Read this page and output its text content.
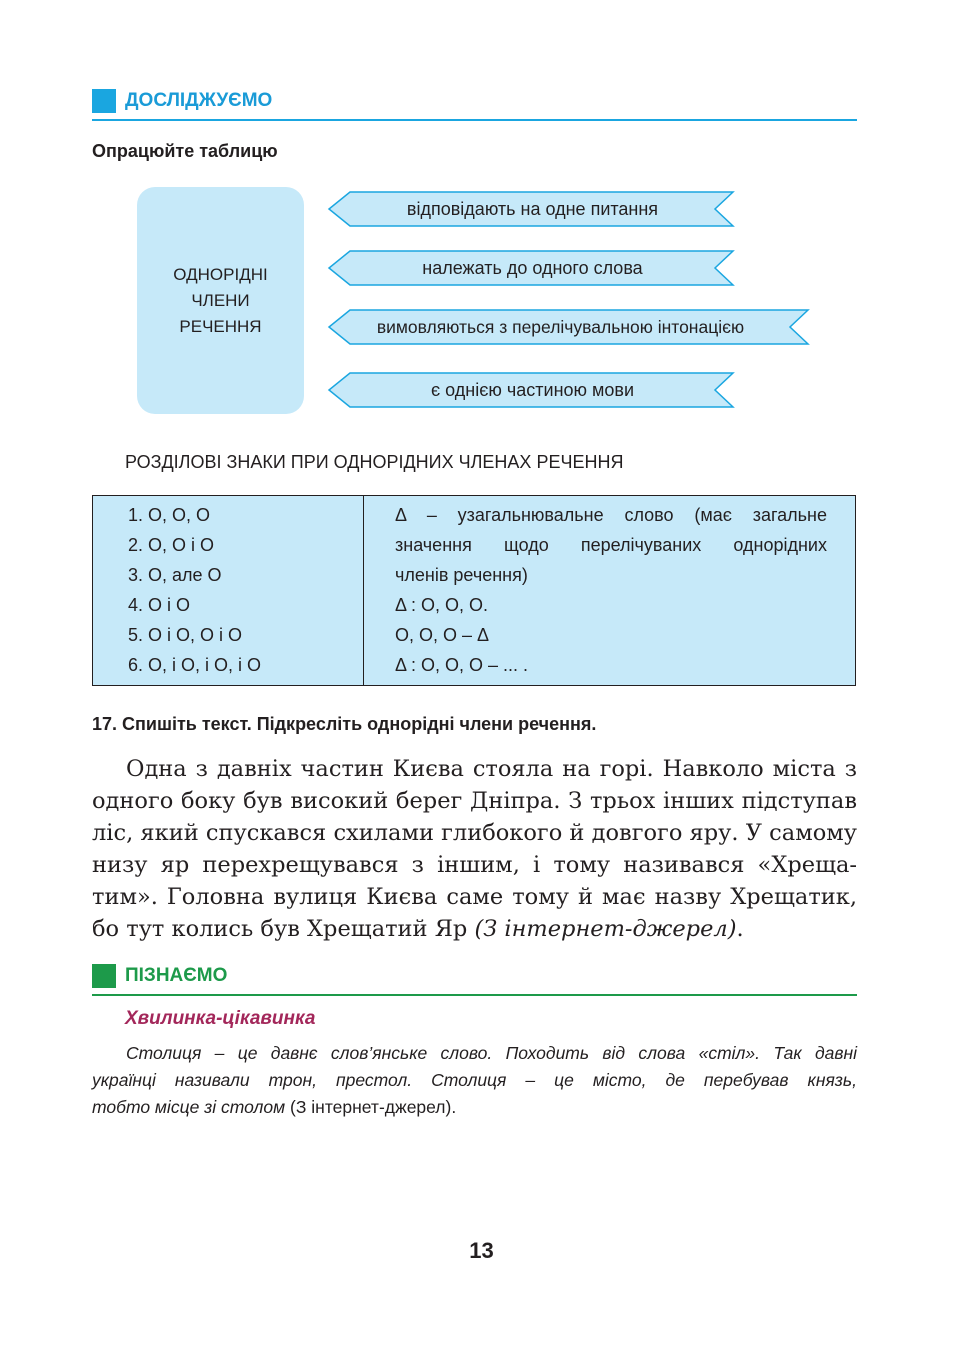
ДОСЛІДЖУЄМО
Опрацюйте таблицю
ОДНОРІДНІ ЧЛЕНИ РЕЧЕННЯ
відповідають на одне питання
належать до одного слова
вимовляються з перелічувальною інтонацією
є однією частиною мови
РОЗДІЛОВІ ЗНАКИ ПРИ ОДНОРІДНИХ ЧЛЕНАХ РЕЧЕННЯ
1. О, О, О
2. О, О і О
3. О, але О
4. О і О
5. О і О, О і О
6. О, і О, і О, і О
Δ – узагальнювальне слово (має загальне
значення щодо перелічуваних однорідних
членів речення)
Δ : О, О, О.
О, О, О – Δ
Δ : О, О, О – ... .
17. Спишіть текст. Підкресліть однорідні члени речення.
Одна з давніх частин Києва стояла на горі. Навколо міста з
одного боку був високий берег Дніпра. З трьох інших підступав
ліс, який спускався схилами глибокого й довгого яру. У самому
низу яр перехрещувався з іншим, і тому називався «Хреща-
тим». Головна вулиця Києва саме тому й має назву Хрещатик,
бо тут колись був Хрещатий Яр (З інтернет-джерел).
ПІЗНАЄМО
Хвилинка-цікавинка
Столиця – це давнє слов’янське слово. Походить від слова «стіл». Так давні
українці називали трон, престол. Столиця – це місто, де перебував князь,
тобто місце зі столом (З інтернет-джерел).
13
